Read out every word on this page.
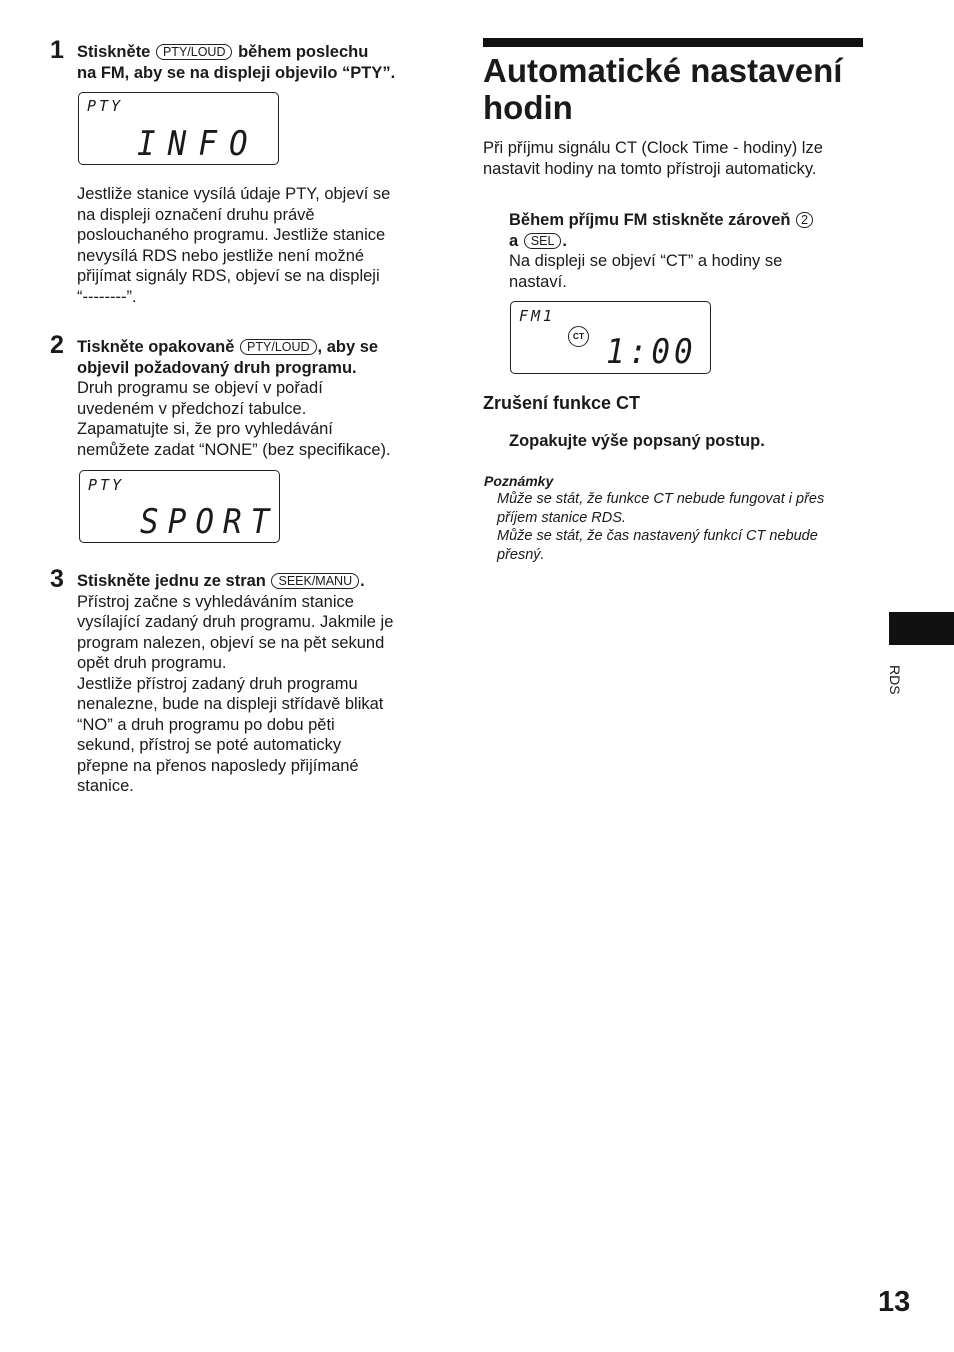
1 Stiskněte PTY/LOUD během poslechu
na FM, aby se na displeji objevilo “PTY”.

PTY
INFO

Jestliže stanice vysílá údaje PTY, objeví se
na displeji označení druhu právě
poslouchaného programu. Jestliže stanice
nevysílá RDS nebo jestliže není možné
přijímat signály RDS, objeví se na displeji
“--------”.

2 Tiskněte opakovaně PTY/LOUD , aby se
objevil požadovaný druh programu.
Druh programu se objeví v pořadí
uvedeném v předchozí tabulce.
Zapamatujte si, že pro vyhledávání
nemůžete zadat “NONE” (bez specifikace).

PTY
SPORT
3 Stiskněte jednu ze stran SEEK/MANU .
Přístroj začne s vyhledáváním stanice
vysílající zadaný druh programu. Jakmile je
program nalezen, objeví se na pět sekund
opět druh programu.
Jestliže přístroj zadaný druh programu
nenalezne, bude na displeji střídavě blikat
“NO” a druh programu po dobu pěti
sekund, přístroj se poté automaticky
přepne na přenos naposledy přijímané
stanice.

Automatické nastavení
hodin

Při příjmu signálu CT (Clock Time - hodiny) lze
nastavit hodiny na tomto přístroji automaticky.

Během příjmu FM stiskněte zároveň 2
a SEL .
Na displeji se objeví “CT” a hodiny se
nastaví.

FM1
CT 1:00
Zrušení funkce CT

Zopakujte výše popsaný postup.

Poznámky

Může se stát, že funkce CT nebude fungovat i přes
příjem stanice RDS.

Může se stát, že čas nastavený funkcí CT nebude
přesný.

RDS
13
